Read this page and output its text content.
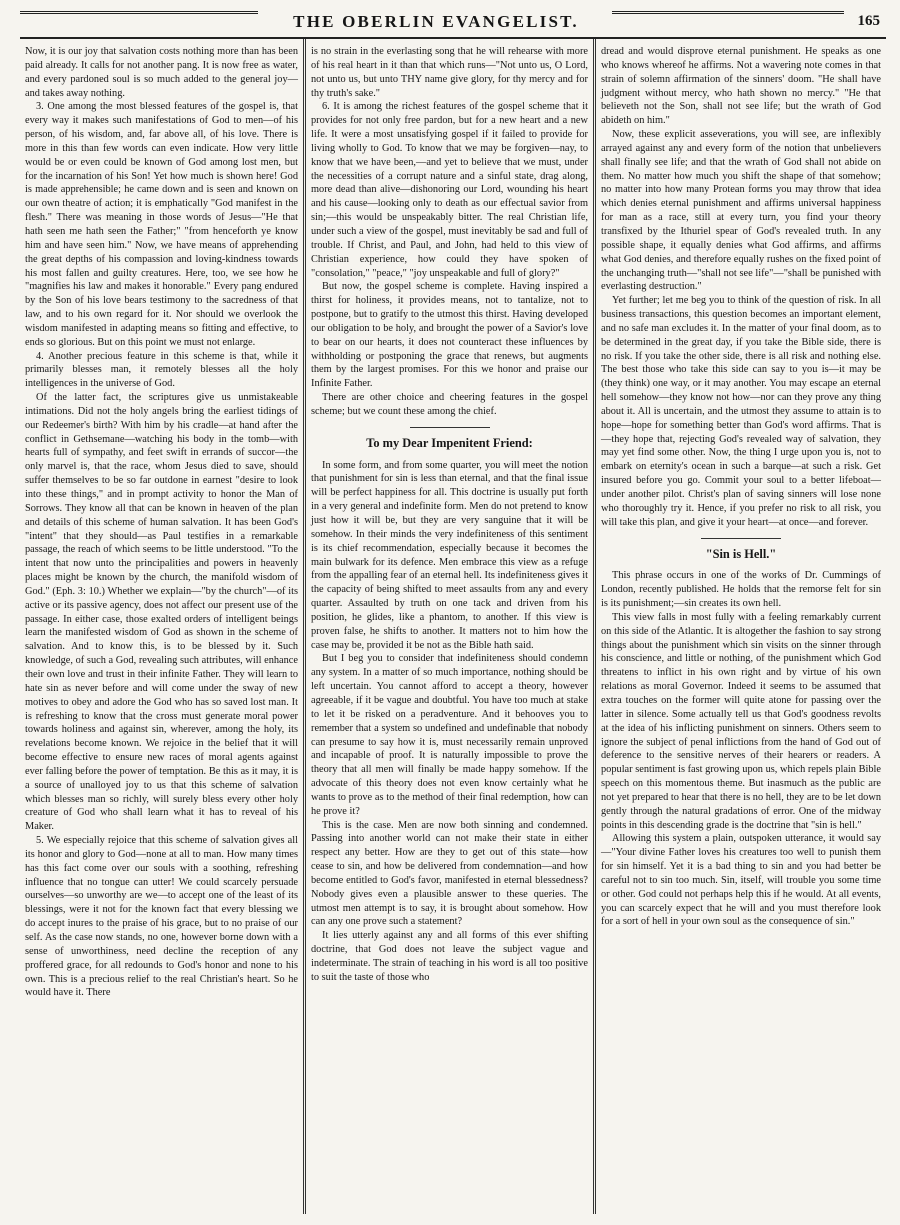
THE OBERLIN EVANGELIST.	165

Now, it is our joy that salvation costs nothing more than has been paid already. It calls for not another pang. It is now free as water, and every pardoned soul is so much added to the general joy—and takes away nothing.

3. One among the most blessed features of the gospel is, that every way it makes such manifestations of God to men—of his person, of his wisdom, and, far above all, of his love. There is more in this than few words can even indicate. How very little would be or even could be known of God among lost men, but for the incarnation of his Son! Yet how much is shown here! God is made apprehensible; he came down and is seen and known on our own theatre of action; it is emphatically "God manifest in the flesh." There was meaning in those words of Jesus—"He that hath seen me hath seen the Father;" "from henceforth ye know him and have seen him." Now, we have means of apprehending the great depths of his compassion and loving-kindness towards his most fallen and guilty creatures. Here, too, we see how he "magnifies his law and makes it honorable." Every pang endured by the Son of his love bears testimony to the sacredness of that law, and to his own regard for it. Nor should we overlook the wisdom manifested in adapting means so fitting and effective, to ends so glorious. But on this point we must not enlarge.

4. Another precious feature in this scheme is that, while it primarily blesses man, it remotely blesses all the holy intelligences in the universe of God.

Of the latter fact, the scriptures give us unmistakeable intimations. Did not the holy angels bring the earliest tidings of our Redeemer's birth? With him by his cradle—at hand after the conflict in Gethsemane—watching his body in the tomb—with hearts full of sympathy, and feet swift in errands of succor—the only marvel is, that the race, whom Jesus died to save, should suffer themselves to be so far outdone in earnest "desire to look into these things," and in prompt activity to honor the Man of Sorrows. They know all that can be known in heaven of the plan and details of this scheme of human salvation. It has been God's "intent" that they should—as Paul testifies in a remarkable passage, the reach of which seems to be little understood. "To the intent that now unto the principalities and powers in heavenly places might be known by the church, the manifold wisdom of God." (Eph. 3: 10.) Whether we explain—"by the church"—of its active or its passive agency, does not affect our present use of the passage. In either case, those exalted orders of intelligent beings learn the manifested wisdom of God as shown in the scheme of salvation. And to know this, is to be blessed by it. Such knowledge, of such a God, revealing such attributes, will enhance their own love and trust in their infinite Father. They will learn to hate sin as never before and will come under the sway of new motives to obey and adore the God who has so saved lost man. It is refreshing to know that the cross must generate moral power towards holiness and against sin, wherever, among the holy, its revelations become known. We rejoice in the belief that it will become effective to ensure new races of moral agents against ever falling before the power of temptation. Be this as it may, it is a source of unalloyed joy to us that this scheme of salvation which blesses man so richly, will surely bless every other holy creature of God who shall learn what it has to reveal of his Maker.

5. We especially rejoice that this scheme of salvation gives all its honor and glory to God—none at all to man. How many times has this fact come over our souls with a soothing, refreshing influence that no tongue can utter! We could scarcely persuade ourselves—so unworthy are we—to accept one of the least of its blessings, were it not for the known fact that every blessing we do accept inures to the praise of his grace, but to no praise of our self. As the case now stands, no one, however borne down with a sense of unworthiness, need decline the reception of any proffered grace, for all redounds to God's honor and none to his own. This is a precious relief to the real Christian's heart. So he would have it. There

is no strain in the everlasting song that he will rehearse with more of his real heart in it than that which runs—"Not unto us, O Lord, not unto us, but unto THY name give glory, for thy mercy and for thy truth's sake."

6. It is among the richest features of the gospel scheme that it provides for not only free pardon, but for a new heart and a new life. It were a most unsatisfying gospel if it failed to provide for living wholly to God. To know that we may be forgiven—nay, to know that we have been,—and yet to believe that we must, under the necessities of a corrupt nature and a sinful state, drag along, more dead than alive—dishonoring our Lord, wounding his heart and his cause—looking only to death as our effectual savior from sin;—this would be unspeakably bitter. The real Christian life, under such a view of the gospel, must inevitably be sad and full of trouble. If Christ, and Paul, and John, had held to this view of Christian experience, how could they have spoken of "consolation," "peace," "joy unspeakable and full of glory?"

But now, the gospel scheme is complete. Having inspired a thirst for holiness, it provides means, not to tantalize, not to postpone, but to gratify to the utmost this thirst. Having developed our obligation to be holy, and brought the power of a Savior's love to bear on our hearts, it does not counteract these influences by withholding or postponing the grace that renews, but augments them by the largest promises. For this we honor and praise our Infinite Father.

There are other choice and cheering features in the gospel scheme; but we count these among the chief.

To my Dear Impenitent Friend:

In some form, and from some quarter, you will meet the notion that punishment for sin is less than eternal, and that the final issue will be perfect happiness for all. This doctrine is usually put forth in a very general and indefinite form. Men do not pretend to know just how it will be, but they are very sanguine that it will be somehow. In their minds the very indefiniteness of this sentiment is its chief recommendation, especially because it becomes the main bulwark for its defence. Men embrace this view as a refuge from the appalling fear of an eternal hell. Its indefiniteness gives it the capacity of being shifted to meet assaults from any and every quarter. Assaulted by truth on one tack and driven from his position, he glides, like a phantom, to another. If this view is proven false, he shifts to another. It matters not to him how the case may be, provided it be not as the Bible hath said.

But I beg you to consider that indefiniteness should condemn any system. In a matter of so much importance, nothing should be left uncertain. You cannot afford to accept a theory, however agreeable, if it be vague and doubtful. You have too much at stake to let it be risked on a peradventure. And it behooves you to remember that a system so undefined and undefinable that nobody can presume to say how it is, must necessarily remain unproved and incapable of proof. It is naturally impossible to prove the theory that all men will finally be made happy somehow. If the advocate of this theory does not even know certainly what he wants to prove as to the method of their final redemption, how can he prove it?

This is the case. Men are now both sinning and condemned. Passing into another world can not make their state in either respect any better. How are they to get out of this state—how cease to sin, and how be delivered from condemnation—and how become entitled to God's favor, manifested in eternal blessedness? Nobody gives even a plausible answer to these queries. The utmost men attempt is to say, it is brought about somehow. How can any one prove such a statement?

It lies utterly against any and all forms of this ever shifting doctrine, that God does not leave the subject vague and indeterminate. The strain of teaching in his word is all too positive to suit the taste of those who

dread and would disprove eternal punishment. He speaks as one who knows whereof he affirms. Not a wavering note comes in that strain of solemn affirmation of the sinners' doom. "He shall have judgment without mercy, who hath shown no mercy." "He that believeth not the Son, shall not see life; but the wrath of God abideth on him."

Now, these explicit asseverations, you will see, are inflexibly arrayed against any and every form of the notion that unbelievers shall finally see life; and that the wrath of God shall not abide on them. No matter how much you shift the shape of that somehow; no matter into how many Protean forms you may throw that idea which denies eternal punishment and affirms universal happiness for man as a race, still at every turn, you find your theory transfixed by the Ithuriel spear of God's revealed truth. In any possible shape, it equally denies what God affirms, and affirms what God denies, and therefore equally rushes on the fixed point of the unchanging truth—"shall not see life"—"shall be punished with everlasting destruction."

Yet further; let me beg you to think of the question of risk. In all business transactions, this question becomes an important element, and no safe man excludes it. In the matter of your final doom, as to be determined in the great day, if you take the Bible side, there is no risk. If you take the other side, there is all risk and nothing else. The best those who take this side can say to you is—it may be (they think) one way, or it may another. You may escape an eternal hell somehow—they know not how—nor can they prove any thing about it. All is uncertain, and the utmost they assume to attain is to hope—hope for something better than God's word affirms. That is—they hope that, rejecting God's revealed way of salvation, they may yet find some other. Now, the thing I urge upon you is, not to embark on eternity's ocean in such a barque—at such a risk. Get insured before you go. Commit your soul to a better lifeboat—under another pilot. Christ's plan of saving sinners will lose none who thoroughly try it. Hence, if you prefer no risk to all risk, you will take this plan, and give it your heart—at once—and forever.

"Sin is Hell."

This phrase occurs in one of the works of Dr. Cummings of London, recently published. He holds that the remorse felt for sin is its punishment;—sin creates its own hell.

This view falls in most fully with a feeling remarkably current on this side of the Atlantic. It is altogether the fashion to say strong things about the punishment which sin visits on the sinner through his conscience, and little or nothing, of the punishment which God threatens to inflict in his own right and by virtue of his own relations as moral Governor. Indeed it seems to be assumed that extra touches on the former will quite atone for passing over the latter in silence. Some actually tell us that God's goodness revolts at the idea of his inflicting punishment on sinners. Others seem to ignore the subject of penal inflictions from the hand of God out of deference to the sensitive nerves of their hearers or readers. A popular sentiment is fast growing upon us, which repels plain Bible speech on this momentous theme. But inasmuch as the public are not yet prepared to hear that there is no hell, they are to be let down gently through the natural gradations of error. One of the midway points in this descending grade is the doctrine that "sin is hell."

Allowing this system a plain, outspoken utterance, it would say—"Your divine Father loves his creatures too well to punish them for sin himself. Yet it is a bad thing to sin and you had better be careful not to sin too much. Sin, itself, will trouble you some time or other. God could not perhaps help this if he would. At all events, you can scarcely expect that he will and you must therefore look for a sort of hell in your own soul as the consequence of sin."
